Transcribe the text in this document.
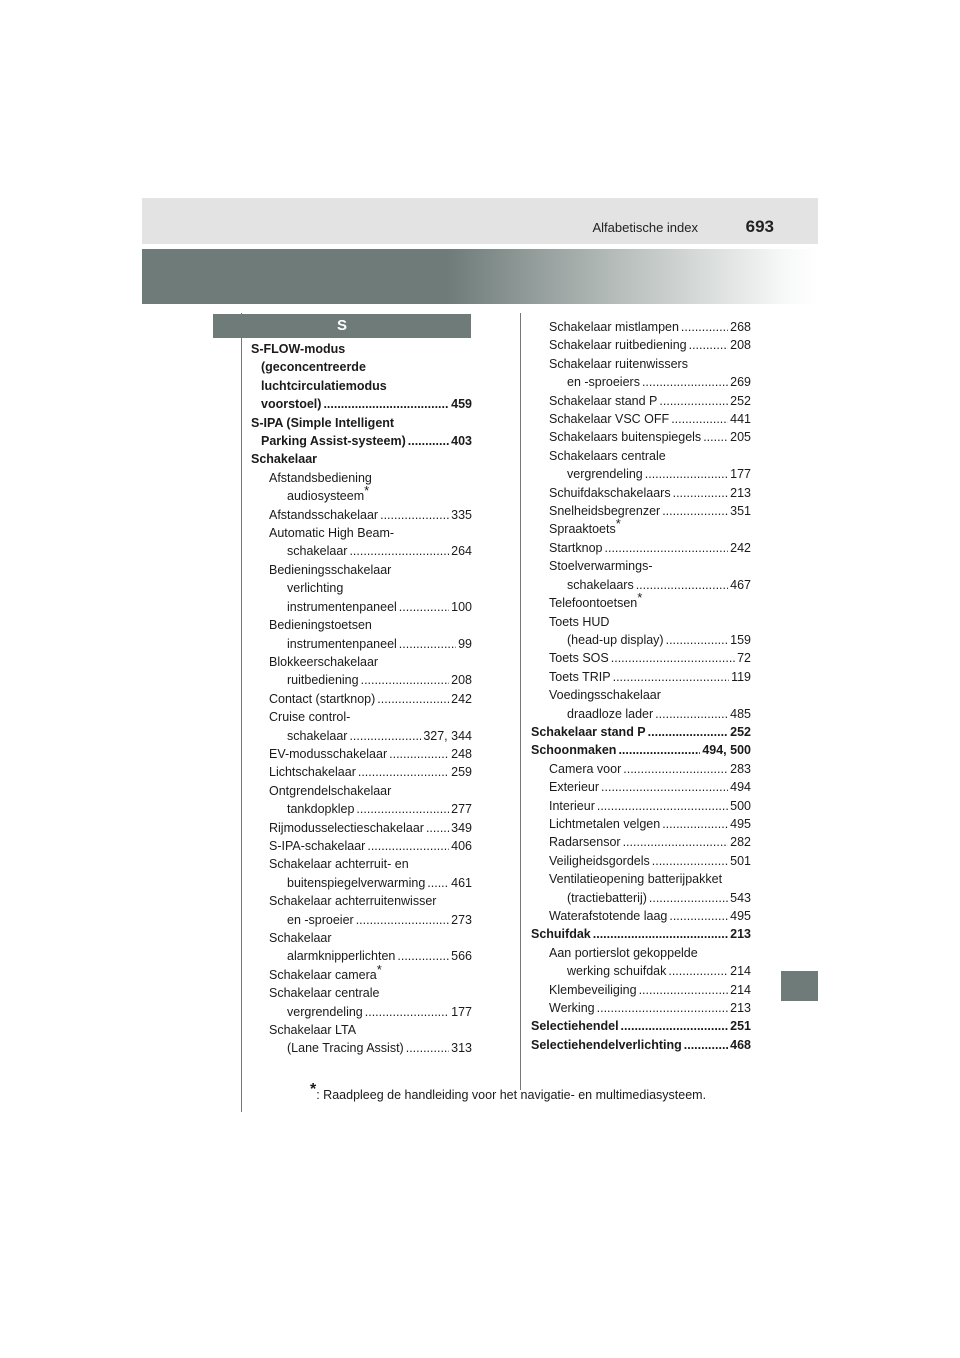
Alfabetische index	693
S
S-FLOW-modus
(geconcentreerde
luchtcirculatiemodus
voorstoel) .....	459
S-IPA (Simple Intelligent
Parking Assist-systeem) .....	403
Schakelaar
Afstandsbediening
audiosysteem*
Afstandsschakelaar .....	335
Automatic High Beam-
schakelaar .....	264
Bedieningsschakelaar
verlichting
instrumentenpaneel .....	100
Bedieningstoetsen
instrumentenpaneel .....	99
Blokkeerschakelaar
ruitbediening .....	208
Contact (startknop) .....	242
Cruise control-
schakelaar .....	327, 344
EV-modusschakelaar .....	248
Lichtschakelaar .....	259
Ontgrendelschakelaar
tankdopklep .....	277
Rijmodusselectieschakelaar ..... 349
S-IPA-schakelaar .....	406
Schakelaar achterruit- en
buitenspiegelverwarming ..... 461
Schakelaar achterruitenwisser
en -sproeier .....	273
Schakelaar
alarmknipperlichten .....	566
Schakelaar camera*
Schakelaar centrale
vergrendeling .....	177
Schakelaar LTA
(Lane Tracing Assist) .....	313
Schakelaar mistlampen .....	268
Schakelaar ruitbediening .....	208
Schakelaar ruitenwissers
en -sproeiers .....	269
Schakelaar stand P .....	252
Schakelaar VSC OFF .....	441
Schakelaars buitenspiegels ..... 205
Schakelaars centrale
vergrendeling .....	177
Schuifdakschakelaars .....	213
Snelheidsbegrenzer .....	351
Spraaktoets*
Startknop .....	242
Stoelverwarmings-
schakelaars .....	467
Telefoontoetsen*
Toets HUD
(head-up display) .....	159
Toets SOS .....	72
Toets TRIP .....	119
Voedingsschakelaar
draadloze lader .....	485
Schakelaar stand P .....	252
Schoonmaken .....	494, 500
Camera voor .....	283
Exterieur .....	494
Interieur .....	500
Lichtmetalen velgen .....	495
Radarsensor .....	282
Veiligheidsgordels .....	501
Ventilatieopening batterijpakket
(tractiebatterij) .....	543
Waterafstotende laag .....	495
Schuifdak .....	213
Aan portierslot gekoppelde
werking schuifdak .....	214
Klembeveiliging .....	214
Werking .....	213
Selectiehendel .....	251
Selectiehendelverlichting .....	468
*: Raadpleeg de handleiding voor het navigatie- en multimediasysteem.
